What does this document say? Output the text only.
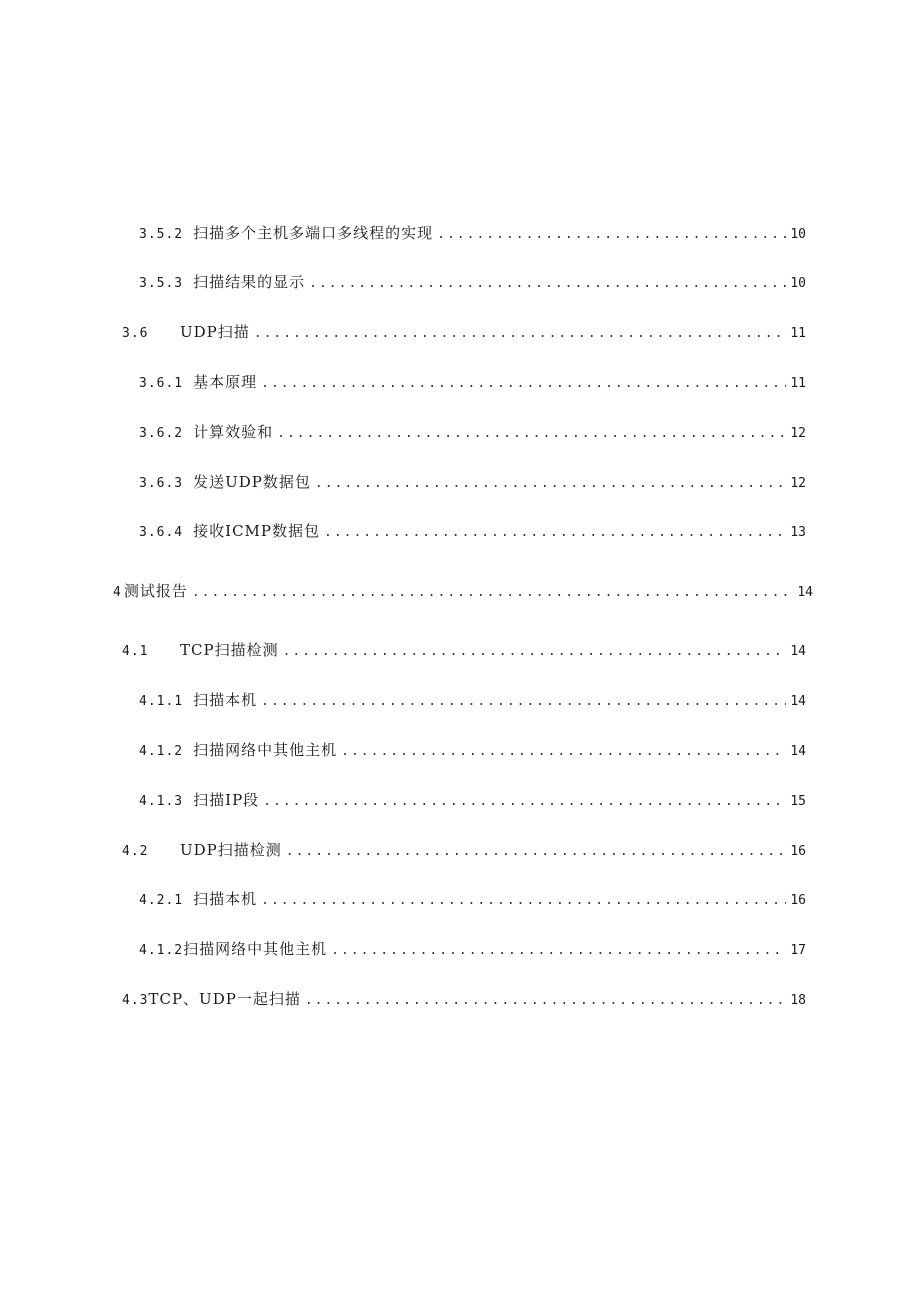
3.5.2 扫描多个主机多端口多线程的实现 .....	10
3.5.3 扫描结果的显示 .....	10
3.6	UDP扫描 .....	11
3.6.1 基本原理 .....	11
3.6.2 计算效验和 .....	12
3.6.3 发送UDP数据包 .....	12
3.6.4 接收ICMP数据包 .....	13
4 测试报告 .....	14
4.1	TCP扫描检测 .....	14
4.1.1 扫描本机 .....	14
4.1.2 扫描网络中其他主机 .....	14
4.1.3 扫描IP段 .....	15
4.2	UDP扫描检测 .....	16
4.2.1 扫描本机 .....	16
4.1.2 扫描网络中其他主机 .....	17
4.3 TCP、UDP一起扫描 .....	18
